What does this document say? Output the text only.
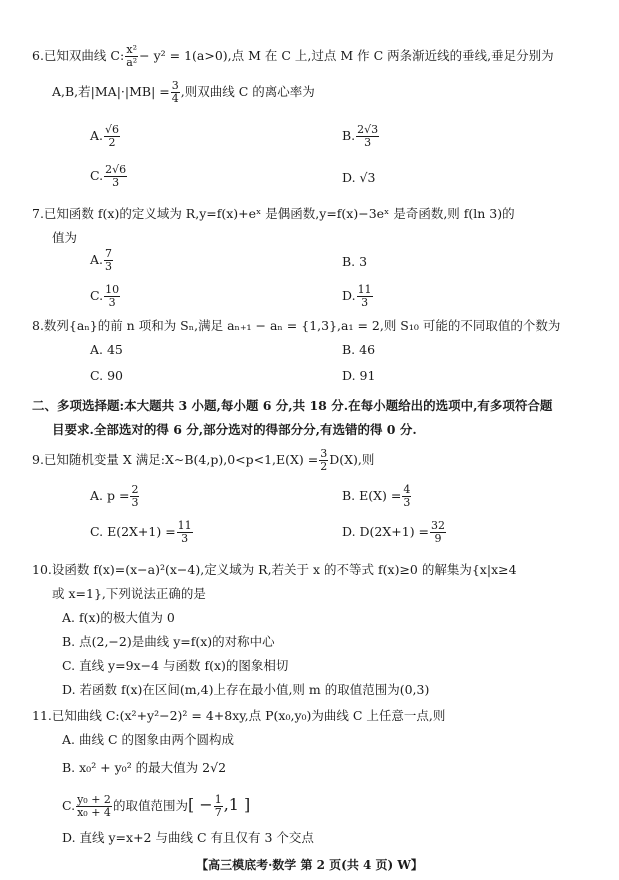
6.已知双曲线 C: $\frac{\text{x²}}{\text{a²}} - y^2 = 1(a>0)$,点 M 在 C 上,过点 M 作 C 两条渐近线的垂线,垂足分别为
A,B,若$|MA|\cdot|MB| = \frac{3}{4}$ ,则双曲线 C 的离心率为
A. $\frac{√6}{2}$	B. $\frac{2√3}{3}$
C. $\frac{2√6}{3}$	D. √3
7.已知函数 f(x)的定义域为 R,y=f(x)+eˣ 是偶函数,y=f(x)−3eˣ 是奇函数,则 f(ln 3)的
值为
A. $\frac{7}{3}$	B. 3
C. $\frac{10}{3}$	D. $\frac{11}{3}$
8.数列{aₙ}的前 n 项和为 Sₙ,满足 aₙ₊₁ − aₙ = {1,3},a₁ = 2,则 S₁₀ 可能的不同取值的个数为
A. 45	B. 46
C. 90	D. 91
二、多项选择题:本大题共 3 小题,每小题 6 分,共 18 分.在每小题给出的选项中,有多项符合题
目要求.全部选对的得 6 分,部分选对的得部分分,有选错的得 0 分.
9.已知随机变量 X 满足:X∼B(4,p),0<p<1,E(X) = $\frac{3}{2} D(X)$,则
A. $p = \frac{2}{3}$	B. $E(X) = \frac{4}{3}$
C. $E(2X+1) = \frac{11}{3}$	D. $D(2X+1) = \frac{32}{9}$
10.设函数 f(x)=(x−a)²(x−4),定义域为 R,若关于 x 的不等式 f(x)≥0 的解集为{x|x≥4
或 x=1},下列说法正确的是
A. f(x)的极大值为 0
B. 点(2,−2)是曲线 y=f(x)的对称中心
C. 直线 y=9x−4 与函数 f(x)的图象相切
D. 若函数 f(x)在区间(m,4)上存在最小值,则 m 的取值范围为(0,3)
11.已知曲线 C:(x²+y²−2)² = 4+8xy,点 P(x₀,y₀)为曲线 C 上任意一点,则
A. 曲线 C 的图象由两个圆构成
B. x₀² + y₀² 的最大值为 2√2
C. $\frac{\text{y₀ + 2}}{\text{x₀ + 4}}$ 的取值范围为[ − $\frac{1}{7} ,1$ ]
D. 直线 y=x+2 与曲线 C 有且仅有 3 个交点
【高三模底考·数学 第 2 页(共 4 页) W】
